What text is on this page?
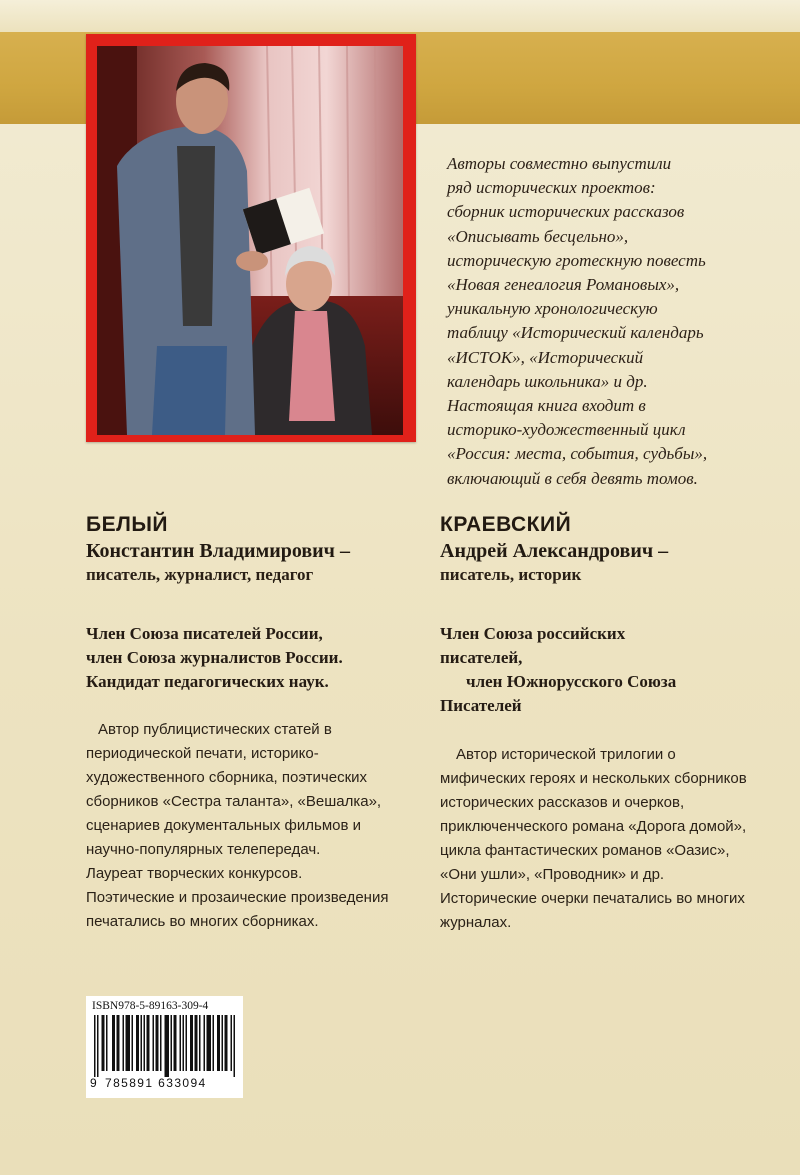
Авторы совместно выпустили
ряд исторических проектов:
сборник исторических рассказов
«Описывать бесцельно»,
историческую гротескную повесть
«Новая генеалогия Романовых»,
уникальную хронологическую
таблицу «Исторический календарь
«ИСТОК», «Исторический
календарь школьника» и др.
Настоящая книга входит в
историко-художественный цикл
«Россия: места, события, судьбы»,
включающий в себя девять томов.
БЕЛЫЙ
Константин Владимирович –
писатель, журналист, педагог
Член Союза писателей России,
член Союза журналистов России.
Кандидат педагогических наук.
Автор публицистических статей в
периодической печати, историко-
художественного сборника, поэтических
сборников «Сестра таланта», «Вешалка»,
сценариев документальных фильмов и
научно-популярных телепередач.
Лауреат творческих конкурсов.
Поэтические и прозаические произведения
печатались во многих сборниках.
КРАЕВСКИЙ
Андрей Александрович –
писатель, историк
Член Союза российских
писателей,
член Южнорусского Союза
Писателей
Автор исторической трилогии о
мифических героях и нескольких сборников
исторических рассказов и очерков,
приключенческого романа «Дорога домой»,
цикла фантастических романов «Оазис»,
«Они ушли», «Проводник» и др.
Исторические очерки печатались во многих
журналах.
ISBN978-5-89163-309-4
9 785891 633094
